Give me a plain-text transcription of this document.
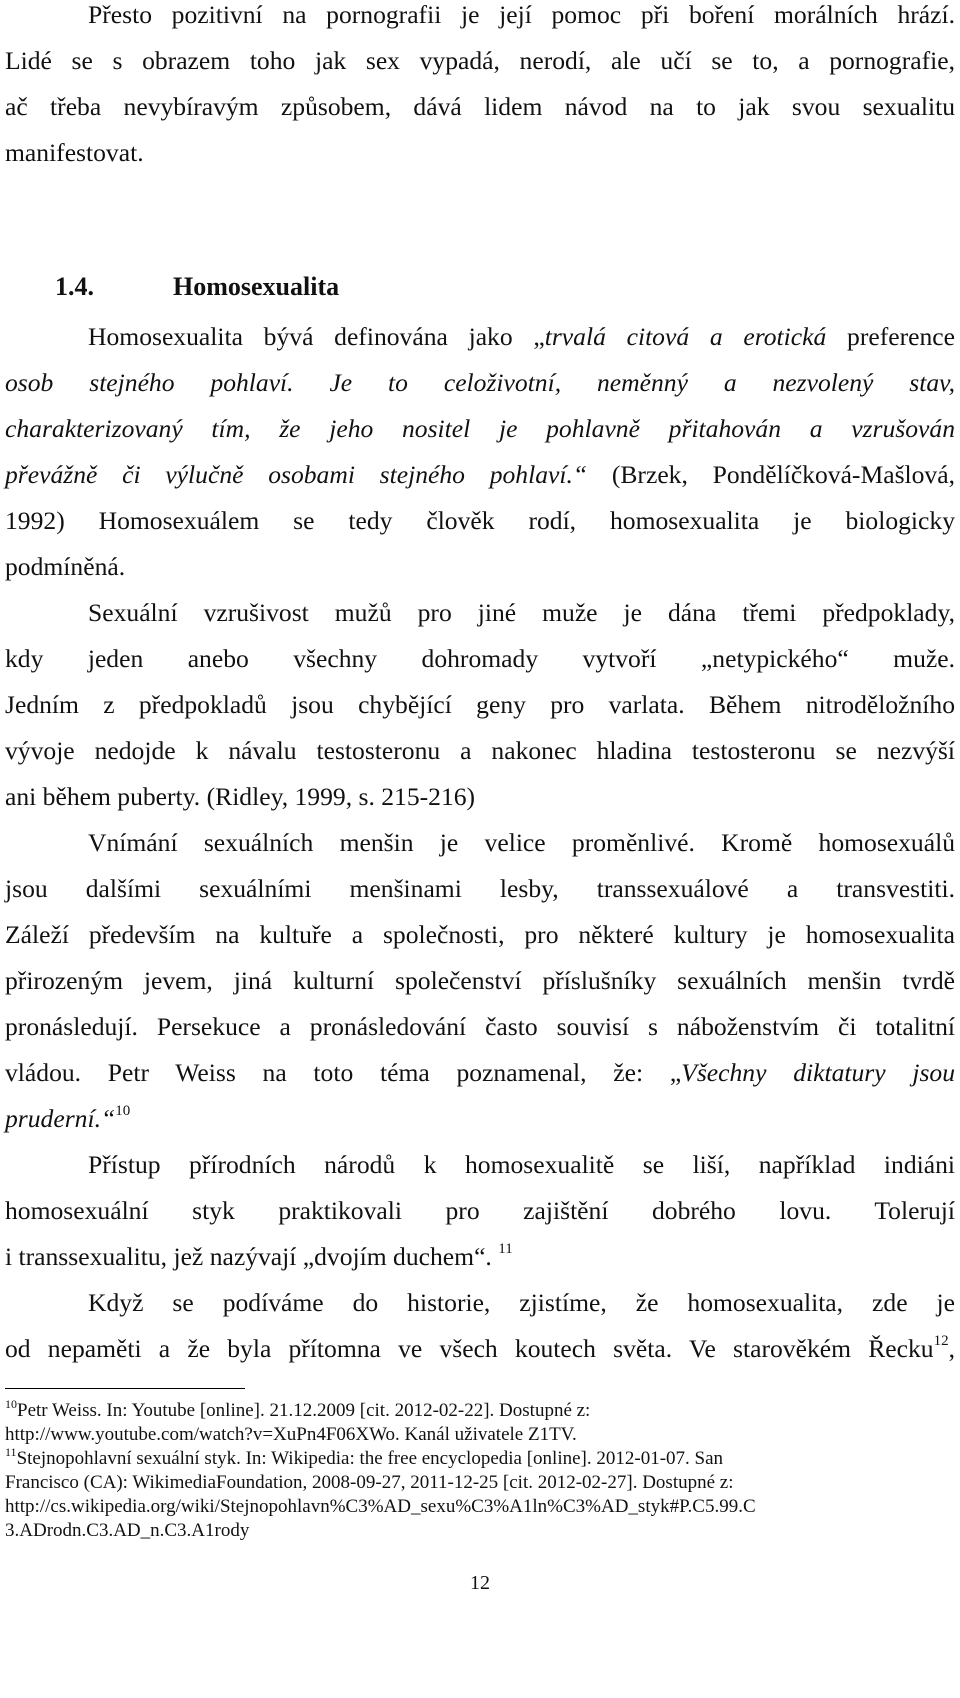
Přesto pozitivní na pornografii je její pomoc při boření morálních hrází.
Lidé se s obrazem toho jak sex vypadá, nerodí, ale učí se to, a pornografie,
ač třeba nevybíravým způsobem, dává lidem návod na to jak svou sexualitu
manifestovat.
1.4.	Homosexualita
Homosexualita bývá definována jako „trvalá citová a erotická preference
osob stejného pohlaví. Je to celoživotní, neměnný a nezvolený stav,
charakterizovaný tím, že jeho nositel je pohlavně přitahován a vzrušován
převážně či výlučně osobami stejného pohlaví.“ (Brzek, Pondělíčková-Mašlová,
1992) Homosexuálem se tedy člověk rodí, homosexualita je biologicky
podmíněná.
Sexuální vzrušivost mužů pro jiné muže je dána třemi předpoklady,
kdy jeden anebo všechny dohromady vytvoří „netypického“ muže.
Jedním z předpokladů jsou chybějící geny pro varlata. Během nitroděložního
vývoje nedojde k návalu testosteronu a nakonec hladina testosteronu se nezvýší
ani během puberty. (Ridley, 1999, s. 215-216)
Vnímání sexuálních menšin je velice proměnlivé. Kromě homosexuálů
jsou dalšími sexuálními menšinami lesby, transsexuálové a transvestiti.
Záleží především na kultuře a společnosti, pro některé kultury je homosexualita
přirozeným jevem, jiná kulturní společenství příslušníky sexuálních menšin tvrdě
pronásledují. Persekuce a pronásledování často souvisí s náboženstvím či totalitní
vládou. Petr Weiss na toto téma poznamenal, že: „Všechny diktatury jsou
pruderní.“$^{10}$
Přístup přírodních národů k homosexualitě se liší, například indiáni
homosexuální styk praktikovali pro zajištění dobrého lovu. Tolerují
i transsexualitu, jež nazývají „dvojím duchem“. $^{11}$
Když se podíváme do historie, zjistíme, že homosexualita, zde je
od nepaměti a že byla přítomna ve všech koutech světa. Ve starověkém Řecku$^{12}$,
$^{10}$Petr Weiss. In: Youtube [online]. 21.12.2009 [cit. 2012-02-22]. Dostupné z:
http://www.youtube.com/watch?v=XuPn4F06XWo. Kanál uživatele Z1TV.
$^{11}$Stejnopohlavní sexuální styk. In: Wikipedia: the free encyclopedia [online]. 2012-01-07. San
Francisco (CA): WikimediaFoundation, 2008-09-27, 2011-12-25 [cit. 2012-02-27]. Dostupné z:
http://cs.wikipedia.org/wiki/Stejnopohlavn%C3%AD_sexu%C3%A1ln%C3%AD_styk#P.C5.99.C
3.ADrodn.C3.AD_n.C3.A1rody
12
